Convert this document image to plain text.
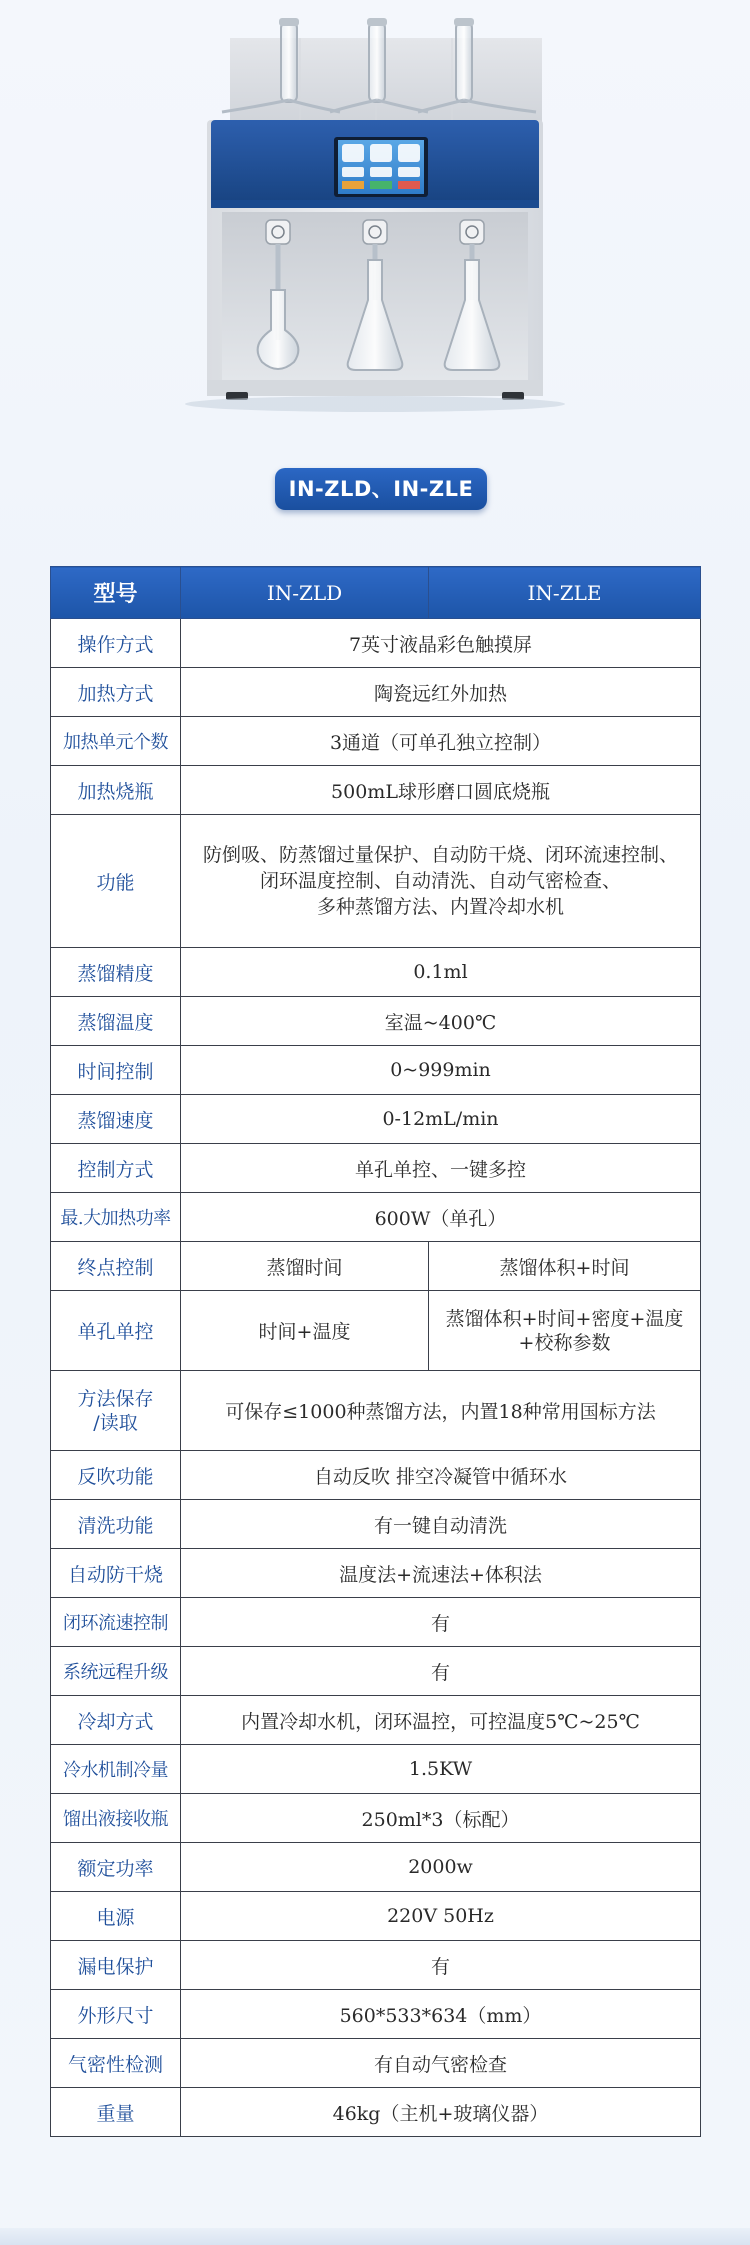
IN-ZLD、IN-ZLE
型号	IN-ZLD	IN-ZLE
操作方式	7英寸液晶彩色触摸屏	
加热方式	陶瓷远红外加热	
加热单元个数	3通道（可单孔独立控制）	
加热烧瓶	500mL球形磨口圆底烧瓶	
功能	防倒吸、防蒸馏过量保护、自动防干烧、闭环流速控制、
闭环温度控制、自动清洗、自动气密检查、
多种蒸馏方法、内置冷却水机	

蒸馏精度	0.1ml	
蒸馏温度	室温~400℃	
时间控制	0~999min	
蒸馏速度	0-12mL/min	
控制方式	单孔单控、一键多控	
最.大加热功率	600W（单孔）	
终点控制	蒸馏时间	蒸馏体积+时间
单孔单控	时间+温度	蒸馏体积+时间+密度+温度
+校称参数

方法保存
/读取	可保存≤1000种蒸馏方法，内置18种常用国标方法	
反吹功能	自动反吹 排空冷凝管中循环水	
清洗功能	有一键自动清洗	
自动防干烧	温度法+流速法+体积法	
闭环流速控制	有	
系统远程升级	有	
冷却方式	内置冷却水机，闭环温控，可控温度5℃~25℃	
冷水机制冷量	1.5KW	
馏出液接收瓶	250ml*3（标配）	
额定功率	2000w	
电源	220V 50Hz	
漏电保护	有	
外形尺寸	560*533*634（mm）	
气密性检测	有自动气密检查	
重量	46kg（主机+玻璃仪器）	
